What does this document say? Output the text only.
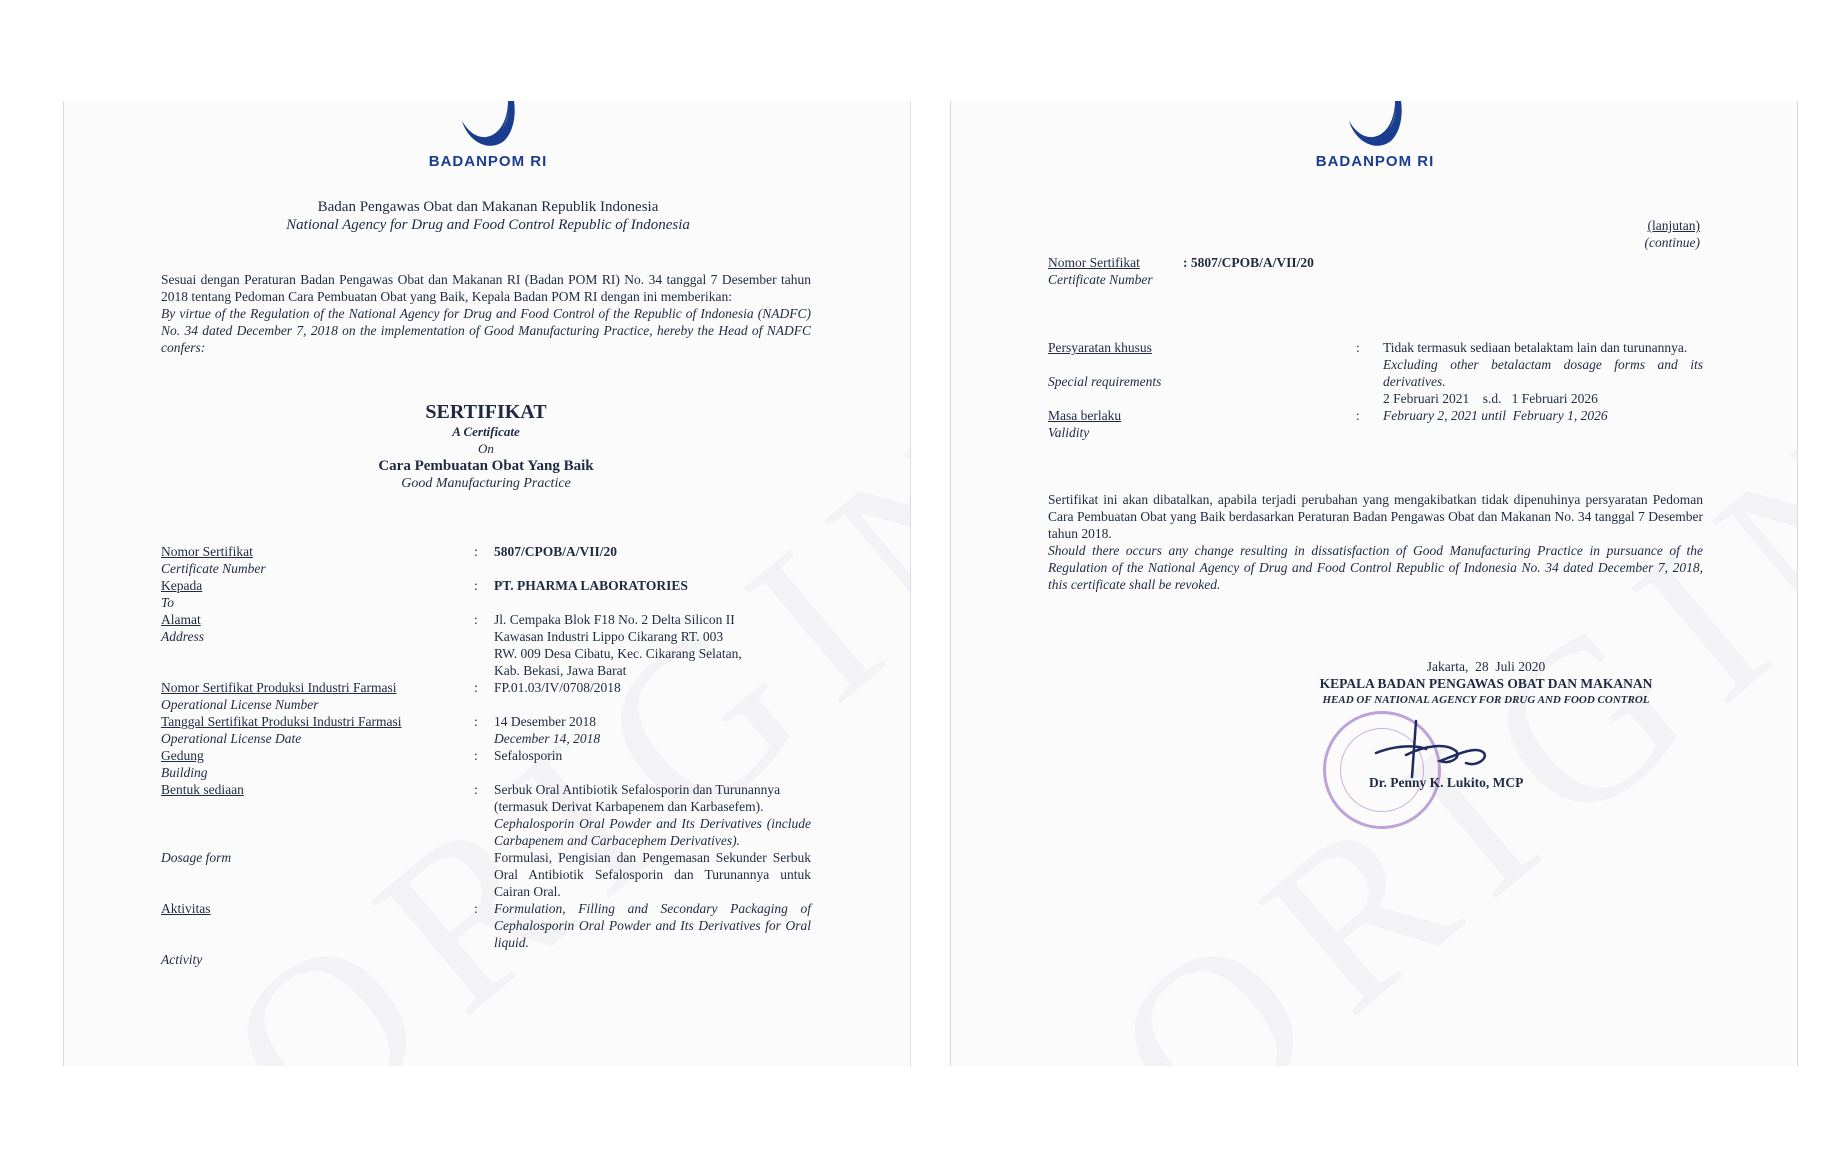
BADANPOM RI
Badan Pengawas Obat dan Makanan Republik Indonesia
National Agency for Drug and Food Control Republic of Indonesia
Sesuai dengan Peraturan Badan Pengawas Obat dan Makanan RI (Badan POM RI) No. 34 tanggal 7 Desember tahun 2018 tentang Pedoman Cara Pembuatan Obat yang Baik, Kepala Badan POM RI dengan ini memberikan:
By virtue of the Regulation of the National Agency for Drug and Food Control of the Republic of Indonesia (NADFC) No. 34 dated December 7, 2018 on the implementation of Good Manufacturing Practice, hereby the Head of NADFC confers:
SERTIFIKAT
A Certificate
On
Cara Pembuatan Obat Yang Baik
Good Manufacturing Practice
Nomor Sertifikat
Certificate Number
Kepada
To
Alamat
Address
Nomor Sertifikat Produksi Industri Farmasi
Operational License Number
Tanggal Sertifikat Produksi Industri Farmasi
Operational License Date
Gedung
Building
Bentuk sediaan
Dosage form
Aktivitas
Activity
:

:

:

:

:

:

:

:
5807/CPOB/A/VII/20

PT. PHARMA LABORATORIES

Jl. Cempaka Blok F18 No. 2 Delta Silicon II
Kawasan Industri Lippo Cikarang RT. 003
RW. 009 Desa Cibatu, Kec. Cikarang Selatan,
Kab. Bekasi, Jawa Barat
FP.01.03/IV/0708/2018

14 Desember 2018
December 14, 2018
Sefalosporin

Serbuk Oral Antibiotik Sefalosporin dan Turunannya
(termasuk Derivat Karbapenem dan Karbasefem).
Cephalosporin Oral Powder and Its Derivatives (include Carbapenem and Carbacephem Derivatives).
Formulasi, Pengisian dan Pengemasan Sekunder Serbuk Oral Antibiotik Sefalosporin dan Turunannya untuk Cairan Oral.
Formulation, Filling and Secondary Packaging of Cephalosporin Oral Powder and Its Derivatives for Oral liquid.
BADANPOM RI
(lanjutan)
(continue)
Nomor Sertifikat
Certificate Number
: 5807/CPOB/A/VII/20
Persyaratan khusus

Special requirements

Masa berlaku
Validity
:

:
Tidak termasuk sediaan betalaktam lain dan turunannya.
Excluding other betalactam dosage forms and its derivatives.
2 Februari 2021    s.d.   1 Februari 2026
February 2, 2021 until  February 1, 2026
Sertifikat ini akan dibatalkan, apabila terjadi perubahan yang mengakibatkan tidak dipenuhinya persyaratan Pedoman Cara Pembuatan Obat yang Baik berdasarkan Peraturan Badan Pengawas Obat dan Makanan No. 34 tanggal 7 Desember tahun 2018.
Should there occurs any change resulting in dissatisfaction of Good Manufacturing Practice in pursuance of the Regulation of the National Agency of Drug and Food Control Republic of Indonesia No. 34 dated December 7, 2018, this certificate shall be revoked.
Jakarta,  28  Juli 2020
KEPALA BADAN PENGAWAS OBAT DAN MAKANAN
HEAD OF NATIONAL AGENCY FOR DRUG AND FOOD CONTROL
Dr. Penny K. Lukito, MCP
